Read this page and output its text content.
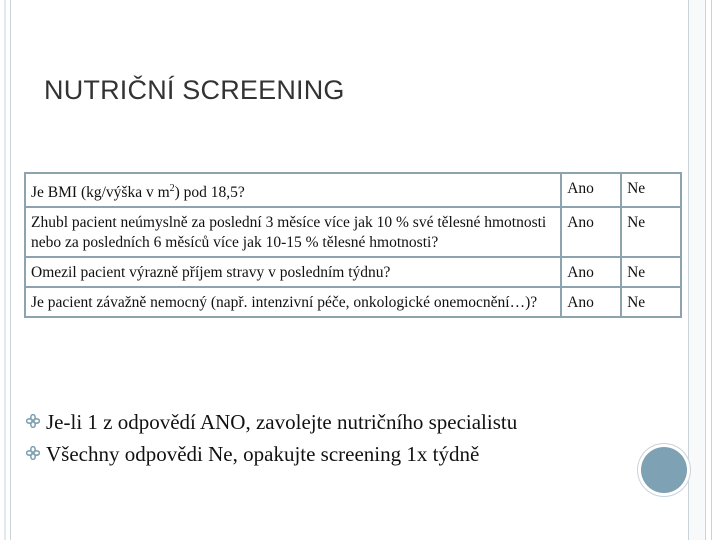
NUTRIČNÍ SCREENING
Je BMI (kg/výška v $m^2$) pod 18,5?	Ano	Ne
Zhubl pacient neúmyslně za poslední 3 měsíce více jak 10 % své tělesné hmotnosti nebo za posledních 6 měsíců více jak 10-15 % tělesné hmotnosti?	Ano	Ne
Omezil pacient výrazně příjem stravy v posledním týdnu?	Ano	Ne
Je pacient závažně nemocný (např. intenzivní péče, onkologické onemocnění…)?	Ano	Ne
Je-li 1 z odpovědí ANO, zavolejte nutričního specialistu
Všechny odpovědi Ne, opakujte screening 1x týdně
